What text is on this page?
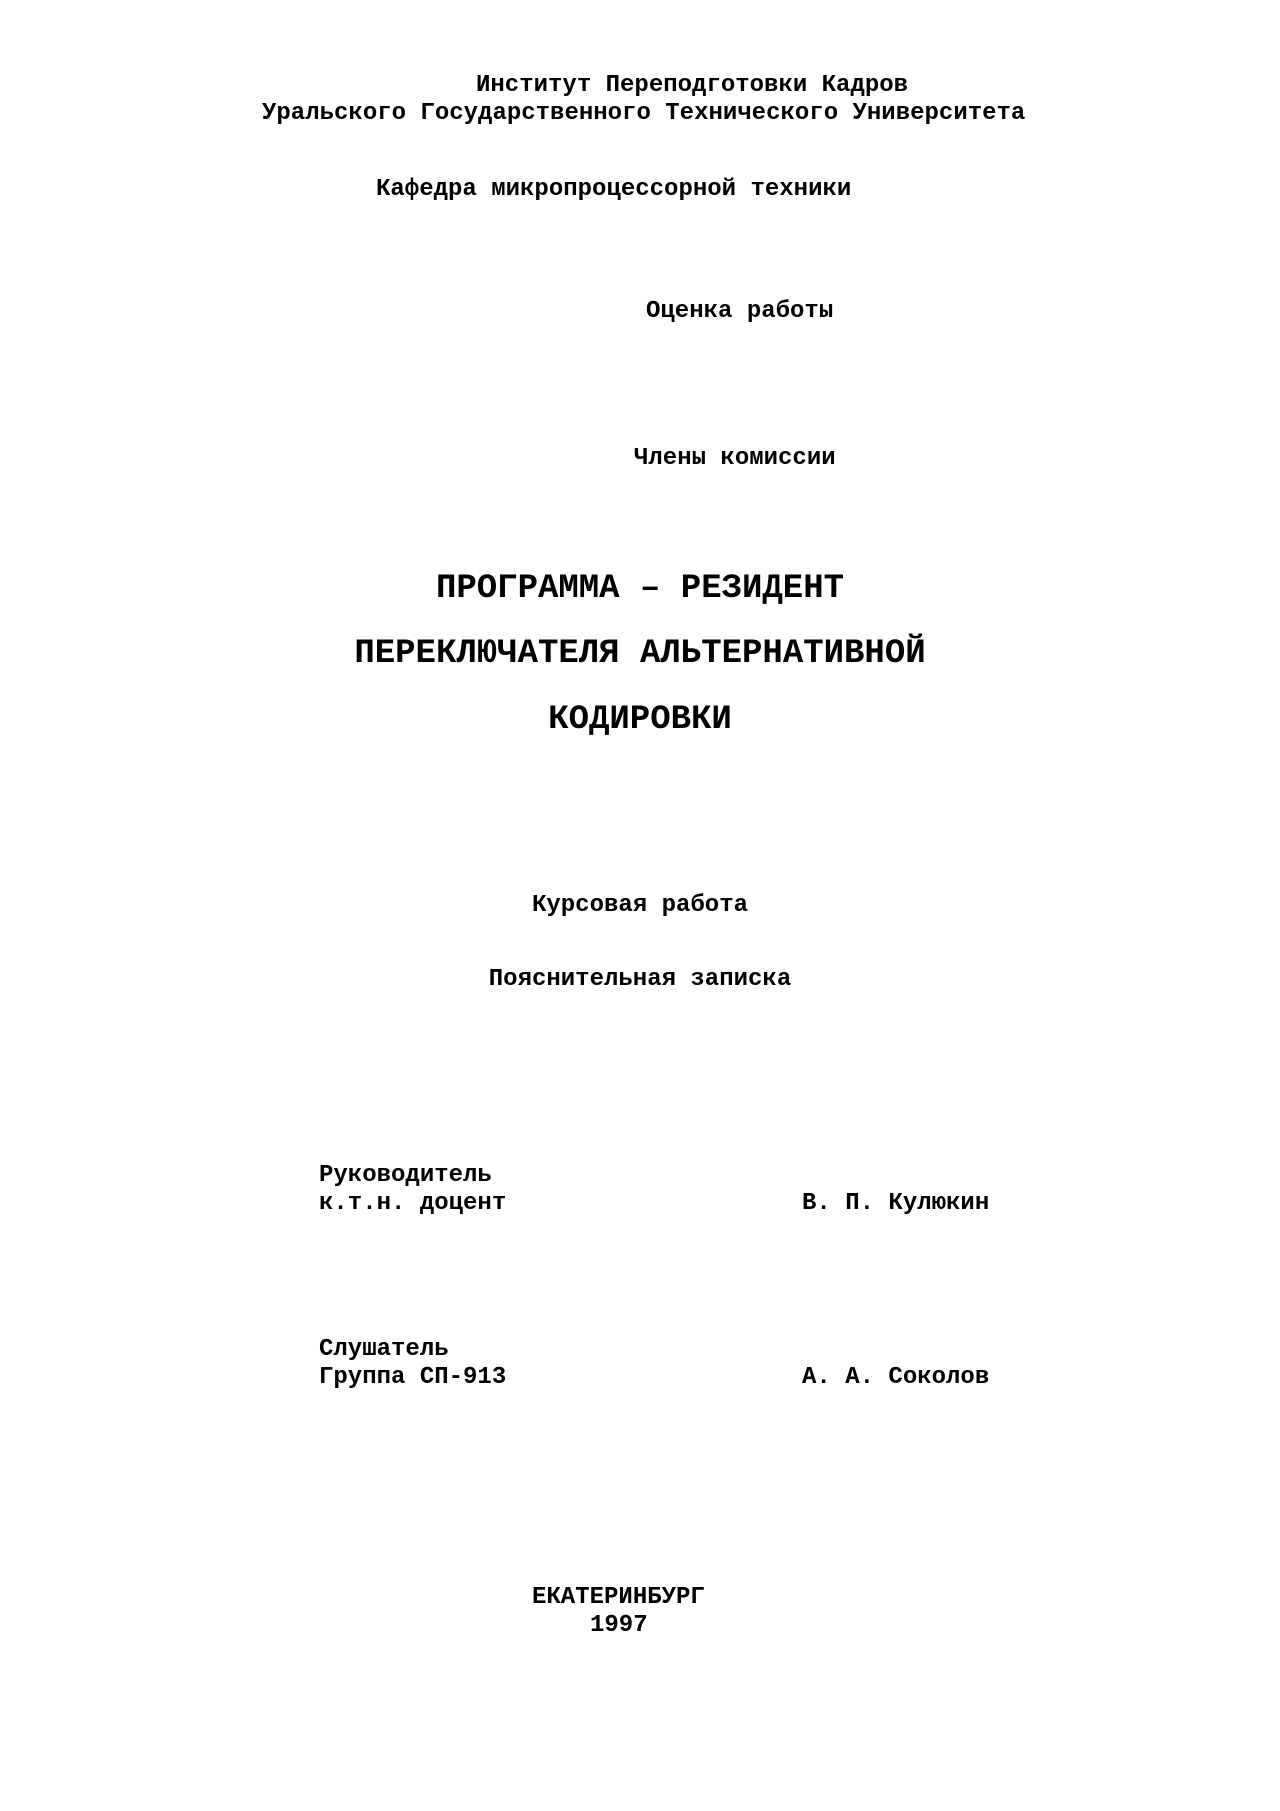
Институт Переподготовки Кадров

Уральского Государственного Технического Университета

Кафедра микропроцессорной техники

Оценка работы

Члены комиссии

ПРОГРАММА – РЕЗИДЕНТ

ПЕРЕКЛЮЧАТЕЛЯ АЛЬТЕРНАТИВНОЙ

КОДИРОВКИ

Курсовая работа

Пояснительная записка

Руководитель

к.т.н. доцент	В. П. Кулюкин

Слушатель

Группа СП-913	А. А. Соколов

ЕКАТЕРИНБУРГ

1997
